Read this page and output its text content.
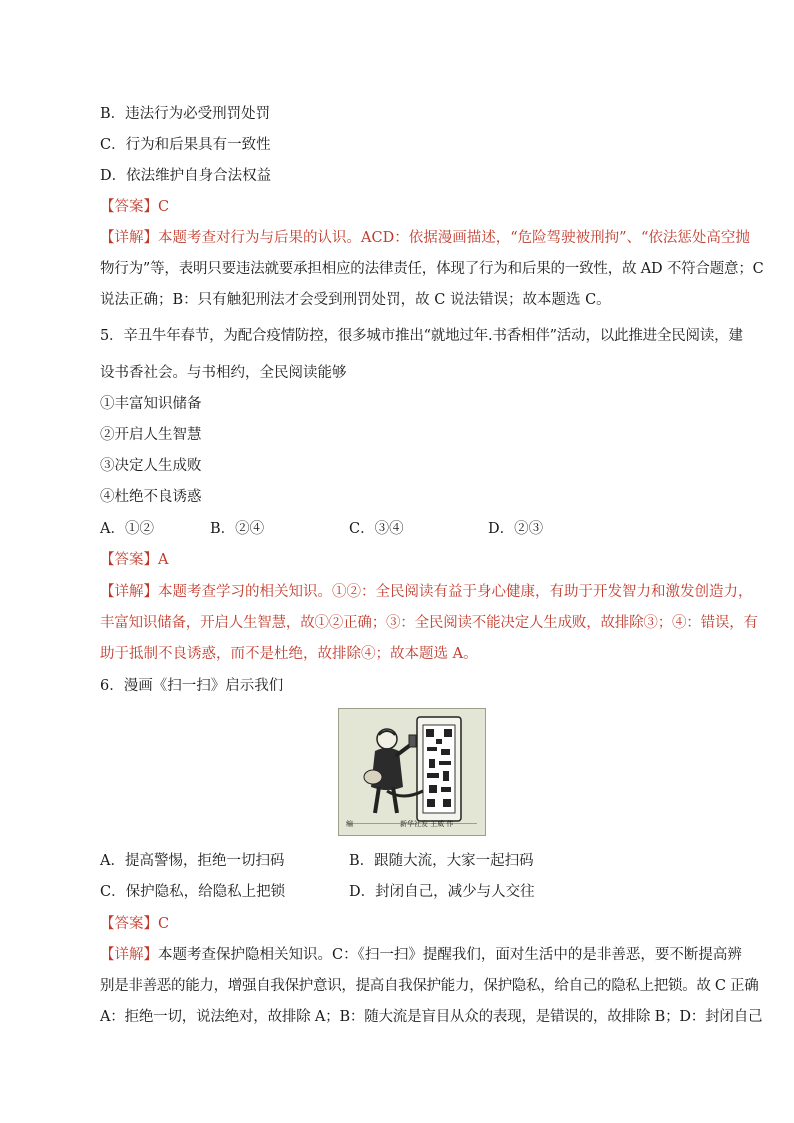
B．违法行为必受刑罚处罚
C．行为和后果具有一致性
D．依法维护自身合法权益
【答案】C
【详解】本题考查对行为与后果的认识。ACD：依据漫画描述，“危险驾驶被刑拘”、“依法惩处高空抛
物行为”等，表明只要违法就要承担相应的法律责任，体现了行为和后果的一致性，故 AD 不符合题意；C
说法正确；B：只有触犯刑法才会受到刑罚处罚，故 C 说法错误；故本题选 C。
5．辛丑牛年春节，为配合疫情防控，很多城市推出“就地过年.书香相伴”活动，以此推进全民阅读，建
设书香社会。与书相约，全民阅读能够
①丰富知识储备
②开启人生智慧
③决定人生成败
④杜绝不良诱惑
A．①②	B．②④	C．③④	D．②③
【答案】A
【详解】本题考查学习的相关知识。①②：全民阅读有益于身心健康，有助于开发智力和激发创造力，
丰富知识储备，开启人生智慧，故①②正确；③：全民阅读不能决定人生成败，故排除③；④：错误，有
助于抵制不良诱惑，而不是杜绝，故排除④；故本题选 A。
6．漫画《扫一扫》启示我们
编	新华社发 王威 作
A．提高警惕，拒绝一切扫码	B．跟随大流，大家一起扫码
C．保护隐私，给隐私上把锁	D．封闭自己，减少与人交往
【答案】C
【详解】本题考查保护隐相关知识。C：《扫一扫》提醒我们，面对生活中的是非善恶，要不断提高辨
别是非善恶的能力，增强自我保护意识，提高自我保护能力，保护隐私，给自己的隐私上把锁。故 C 正确
A：拒绝一切，说法绝对，故排除 A；B：随大流是盲目从众的表现，是错误的，故排除 B；D：封闭自己
